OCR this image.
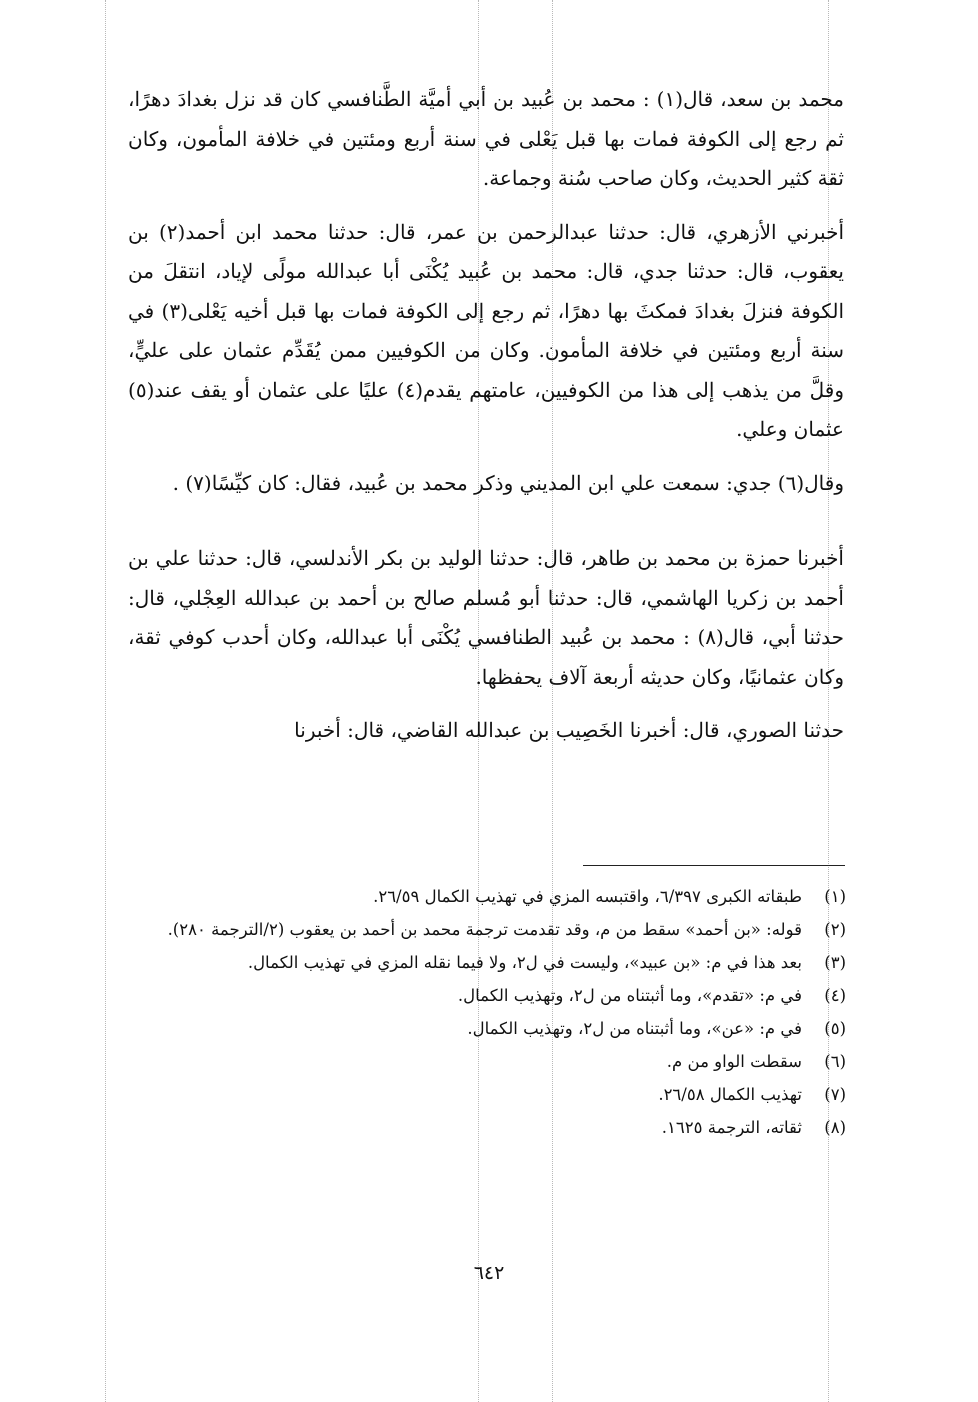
محمد بن سعد، قال(١) : محمد بن عُبيد بن أبي أميَّة الطَّنافسي كان قد نزل بغدادَ دهرًا، ثم رجع إلى الكوفة فمات بها قبل يَعْلى في سنة أربع ومئتين في خلافة المأمون، وكان ثقة كثير الحديث، وكان صاحب سُنة وجماعة.

أخبرني الأزهري، قال: حدثنا عبدالرحمن بن عمر، قال: حدثنا محمد ابن أحمد(٢) بن يعقوب، قال: حدثنا جدي، قال: محمد بن عُبيد يُكْنَى أبا عبدالله مولًى لإياد، انتقلَ من الكوفة فنزلَ بغدادَ فمكثَ بها دهرًا، ثم رجع إلى الكوفة فمات بها قبل أخيه يَعْلى(٣) في سنة أربع ومئتين في خلافة المأمون. وكان من الكوفيين ممن يُقَدِّم عثمان على عليٍّ، وقلَّ من يذهب إلى هذا من الكوفيين، عامتهم يقدم(٤) عليًا على عثمان أو يقف عند(٥) عثمان وعلي.

وقال(٦) جدي: سمعت علي ابن المديني وذكر محمد بن عُبيد، فقال: كان كيِّسًا(٧) .

أخبرنا حمزة بن محمد بن طاهر، قال: حدثنا الوليد بن بكر الأندلسي، قال: حدثنا علي بن أحمد بن زكريا الهاشمي، قال: حدثنا أبو مُسلم صالح بن أحمد بن عبدالله العِجْلي، قال: حدثنا أبي، قال(٨) : محمد بن عُبيد الطنافسي يُكْنَى أبا عبدالله، وكان أحدب كوفي ثقة، وكان عثمانيًا، وكان حديثه أربعة آلاف يحفظها.

حدثنا الصوري، قال: أخبرنا الخَصِيب بن عبدالله القاضي، قال: أخبرنا

(١)
طبقاته الكبرى ٦/٣٩٧، واقتبسه المزي في تهذيب الكمال ٢٦/٥٩.
(٢)
قوله: «بن أحمد» سقط من م، وقد تقدمت ترجمة محمد بن أحمد بن يعقوب (٢/الترجمة ٢٨٠).
(٣)
بعد هذا في م: «بن عبيد»، وليست في ل٢، ولا فيما نقله المزي في تهذيب الكمال.
(٤)
في م: «تقدم»، وما أثبتناه من ل٢، وتهذيب الكمال.
(٥)
في م: «عن»، وما أثبتناه من ل٢، وتهذيب الكمال.
(٦)
سقطت الواو من م.
(٧)
تهذيب الكمال ٢٦/٥٨.
(٨)
ثقاته، الترجمة ١٦٢٥.
٦٤٢
